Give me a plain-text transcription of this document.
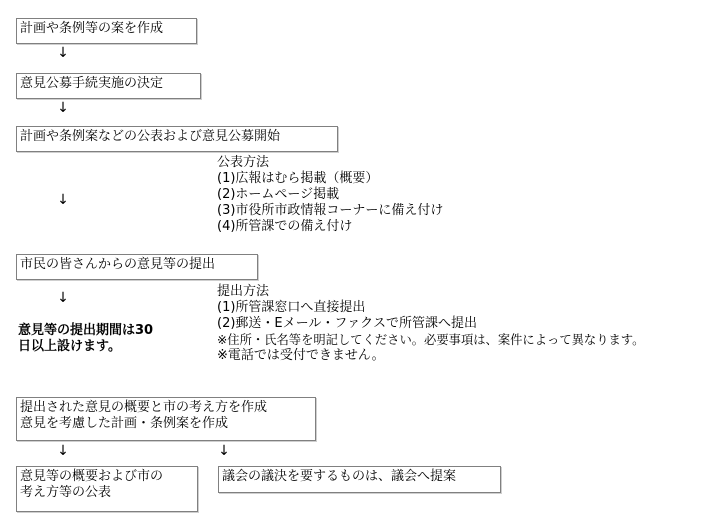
計画や条例等の案を作成
↓
意見公募手続実施の決定
↓
計画や条例案などの公表および意見公募開始
公表方法
(1)広報はむら掲載（概要）
(2)ホームページ掲載
(3)市役所市政情報コーナーに備え付け
(4)所管課での備え付け
↓
市民の皆さんからの意見等の提出
↓
意見等の提出期間は30
日以上設けます。
提出方法
(1)所管課窓口へ直接提出
(2)郵送・Eメール・ファクスで所管課へ提出
※住所・氏名等を明記してください。必要事項は、案件によって異なります。
※電話では受付できません。
提出された意見の概要と市の考え方を作成
意見を考慮した計画・条例案を作成
↓	↓
意見等の概要および市の
考え方等の公表
議会の議決を要するものは、議会へ提案
